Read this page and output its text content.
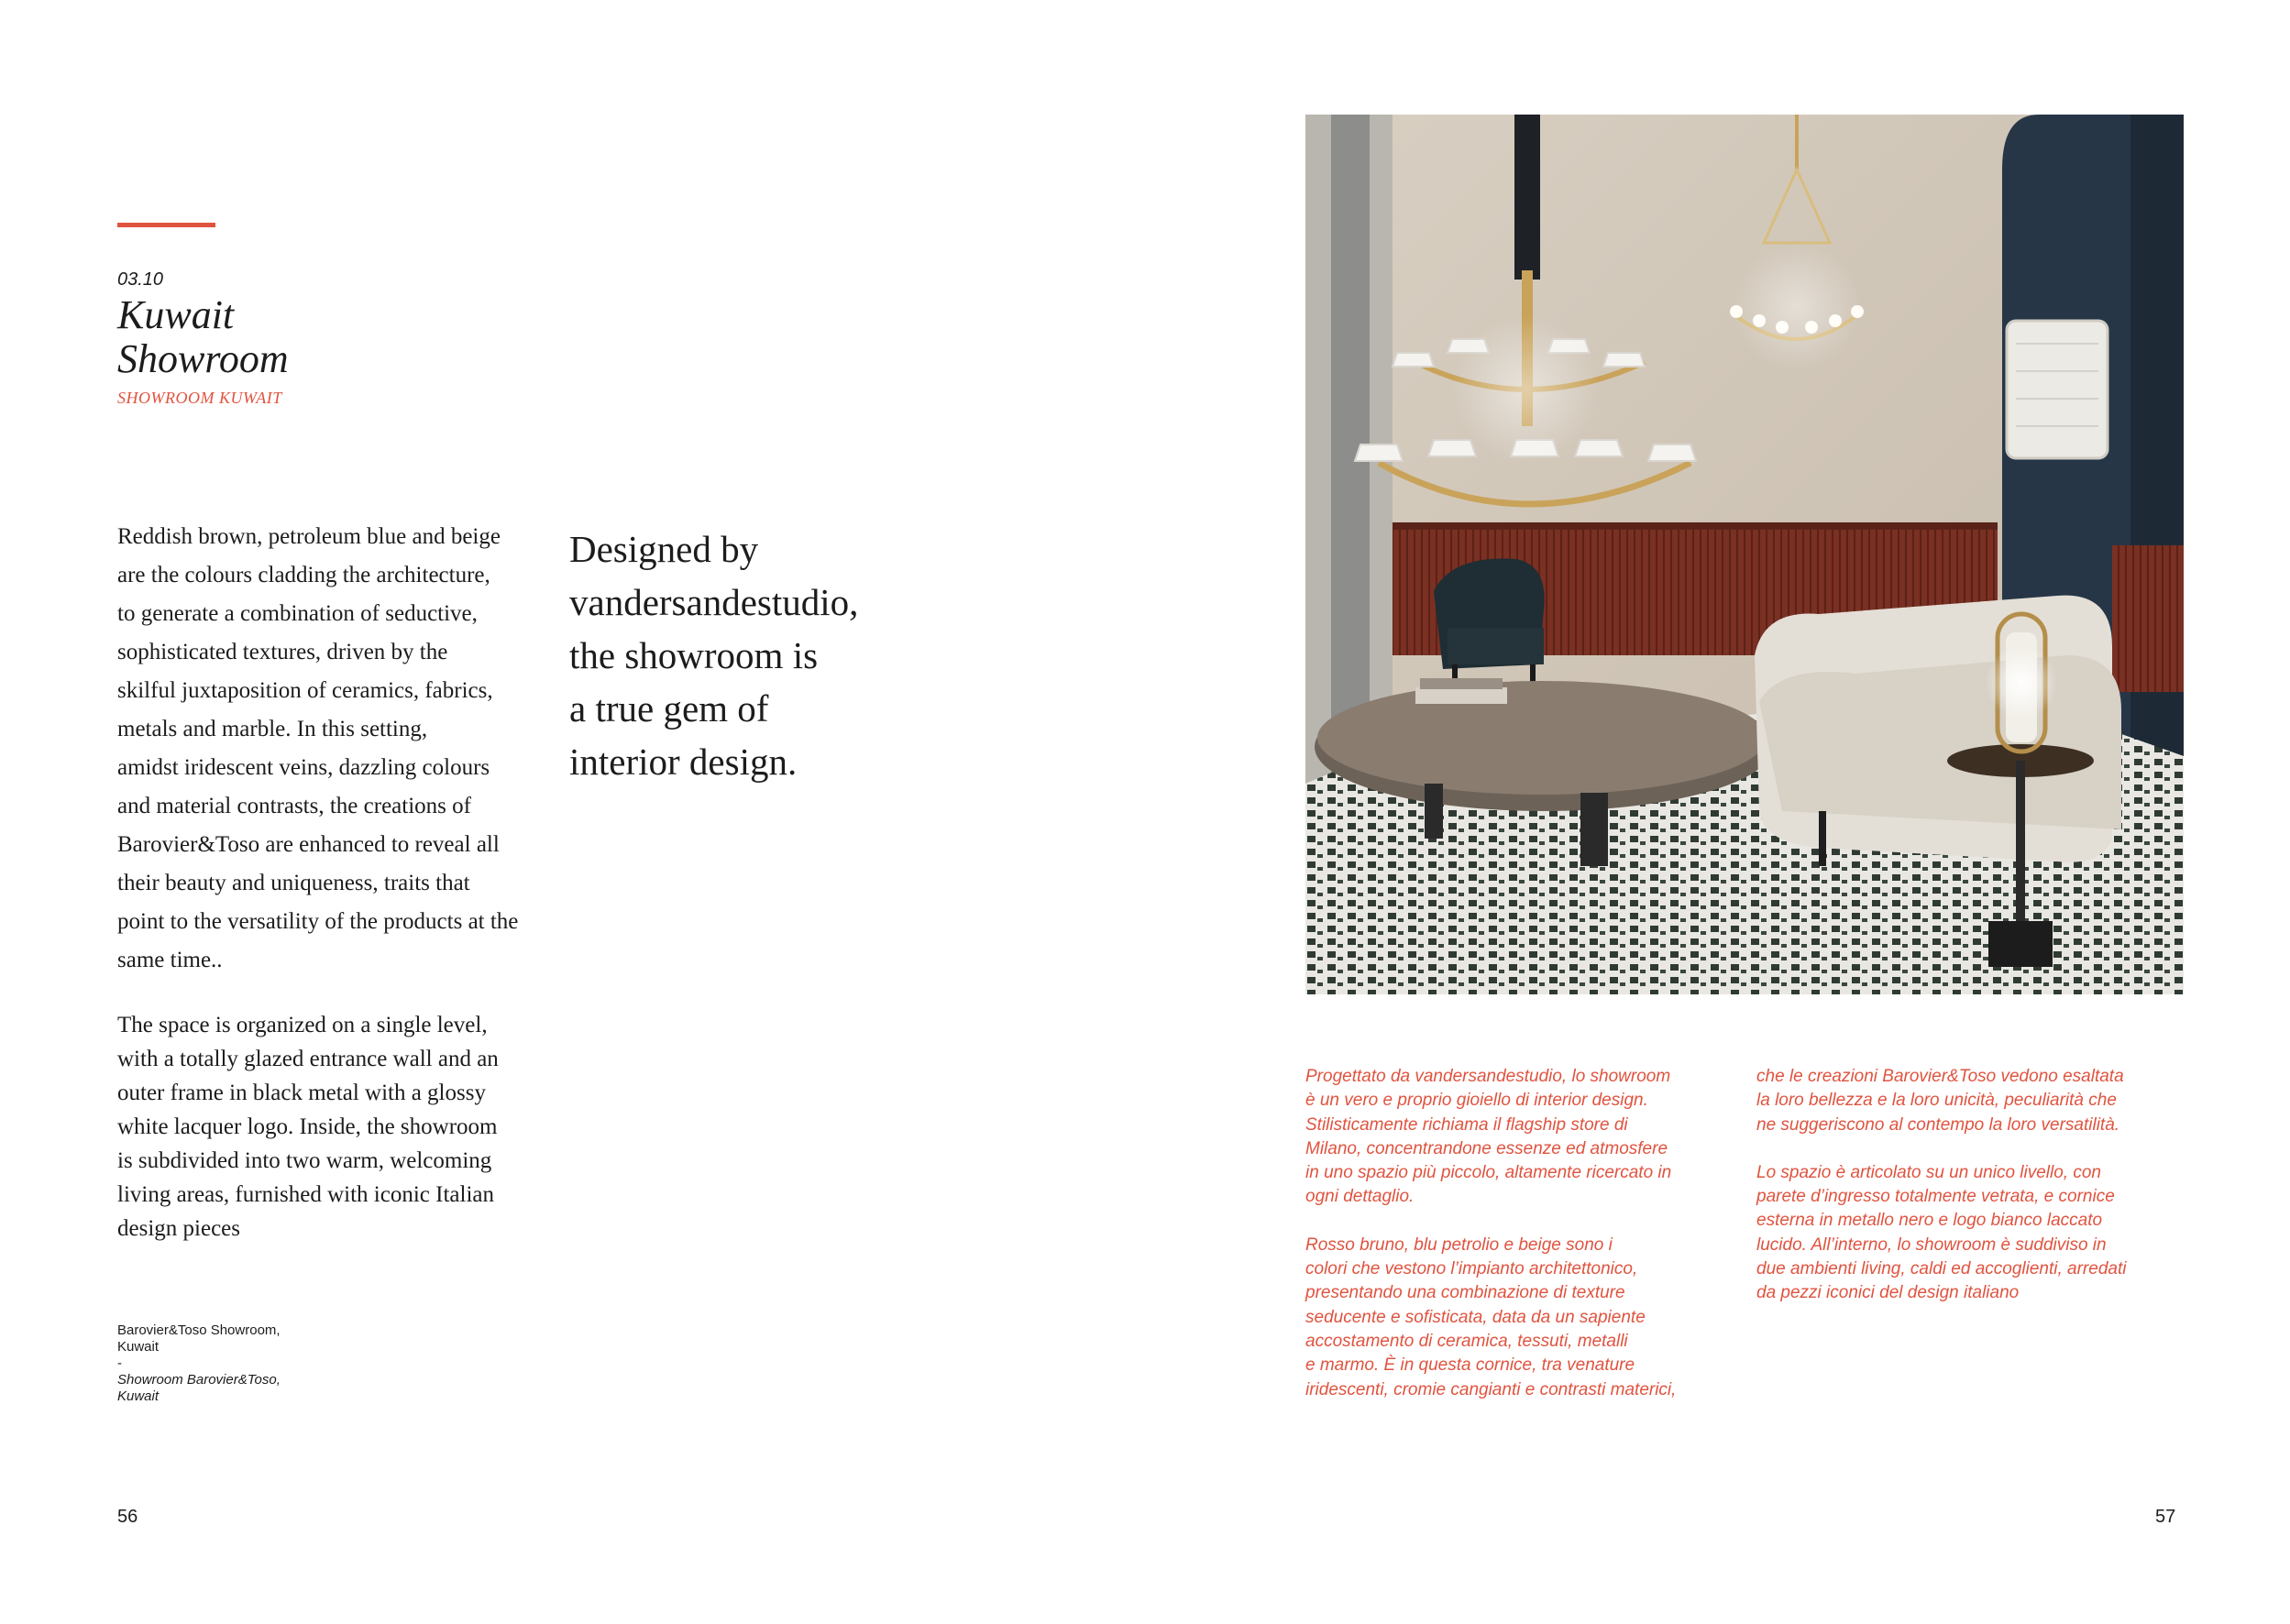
03.10
Kuwait
Showroom
SHOWROOM KUWAIT

Reddish brown, petroleum blue and beige
are the colours cladding the architecture,
to generate a combination of seductive,
sophisticated textures, driven by the
skilful juxtaposition of ceramics, fabrics,
metals and marble. In this setting,
amidst iridescent veins, dazzling colours
and material contrasts, the creations of
Barovier&Toso are enhanced to reveal all
their beauty and uniqueness, traits that
point to the versatility of the products at the
same time..

The space is organized on a single level,
with a totally glazed entrance wall and an
outer frame in black metal with a glossy
white lacquer logo. Inside, the showroom
is subdivided into two warm, welcoming
living areas, furnished with iconic Italian
design pieces

Designed by
vandersandestudio,
the showroom is
a true gem of
interior design.
Barovier&Toso Showroom,
Kuwait
-
Showroom Barovier&Toso,
Kuwait
56

Progettato da vandersandestudio, lo showroom
è un vero e proprio gioiello di interior design.
Stilisticamente richiama il flagship store di
Milano, concentrandone essenze ed atmosfere
in uno spazio più piccolo, altamente ricercato in
ogni dettaglio.
Rosso bruno, blu petrolio e beige sono i
colori che vestono l’impianto architettonico,
presentando una combinazione di texture
seducente e sofisticata, data da un sapiente
accostamento di ceramica, tessuti, metalli
e marmo. È in questa cornice, tra venature
iridescenti, cromie cangianti e contrasti materici,

che le creazioni Barovier&Toso vedono esaltata
la loro bellezza e la loro unicità, peculiarità che
ne suggeriscono al contempo la loro versatilità.
Lo spazio è articolato su un unico livello, con
parete d’ingresso totalmente vetrata, e cornice
esterna in metallo nero e logo bianco laccato
lucido. All’interno, lo showroom è suddiviso in
due ambienti living, caldi ed accoglienti, arredati
da pezzi iconici del design italiano

57
